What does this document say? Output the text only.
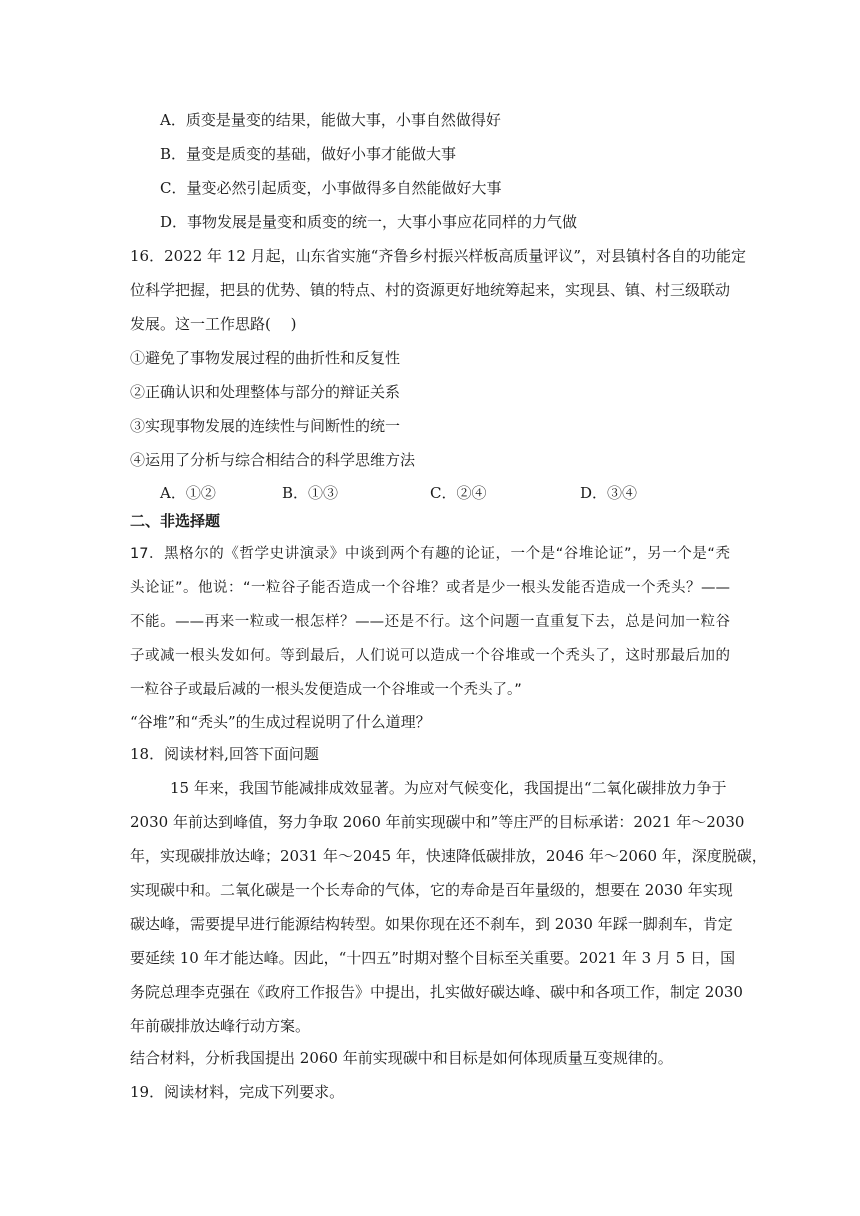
A．质变是量变的结果，能做大事，小事自然做得好
B．量变是质变的基础，做好小事才能做大事
C．量变必然引起质变，小事做得多自然能做好大事
D．事物发展是量变和质变的统一，大事小事应花同样的力气做
16．2022 年 12 月起，山东省实施“齐鲁乡村振兴样板高质量评议”，对县镇村各自的功能定
位科学把握，把县的优势、镇的特点、村的资源更好地统筹起来，实现县、镇、村三级联动
发展。这一工作思路(　 )
①避免了事物发展过程的曲折性和反复性
②正确认识和处理整体与部分的辩证关系
③实现事物发展的连续性与间断性的统一
④运用了分析与综合相结合的科学思维方法
A．①②	B．①③	C．②④	D．③④
二、非选择题
17．黑格尔的《哲学史讲演录》中谈到两个有趣的论证，一个是“谷堆论证”，另一个是“秃
头论证”。他说：“一粒谷子能否造成一个谷堆？或者是少一根头发能否造成一个秃头？——
不能。——再来一粒或一根怎样？——还是不行。这个问题一直重复下去，总是问加一粒谷
子或减一根头发如何。等到最后，人们说可以造成一个谷堆或一个秃头了，这时那最后加的
一粒谷子或最后减的一根头发便造成一个谷堆或一个秃头了。”
“谷堆”和“秃头”的生成过程说明了什么道理？
18．阅读材料,回答下面问题
15 年来，我国节能减排成效显著。为应对气候变化，我国提出“二氧化碳排放力争于
2030 年前达到峰值，努力争取 2060 年前实现碳中和”等庄严的目标承诺：2021 年～2030
年，实现碳排放达峰；2031 年～2045 年，快速降低碳排放，2046 年～2060 年，深度脱碳，
实现碳中和。二氧化碳是一个长寿命的气体，它的寿命是百年量级的，想要在 2030 年实现
碳达峰，需要提早进行能源结构转型。如果你现在还不刹车，到 2030 年踩一脚刹车，肯定
要延续 10 年才能达峰。因此，“十四五”时期对整个目标至关重要。2021 年 3 月 5 日，国
务院总理李克强在《政府工作报告》中提出，扎实做好碳达峰、碳中和各项工作，制定 2030
年前碳排放达峰行动方案。
结合材料，分析我国提出 2060 年前实现碳中和目标是如何体现质量互变规律的。
19．阅读材料，完成下列要求。
